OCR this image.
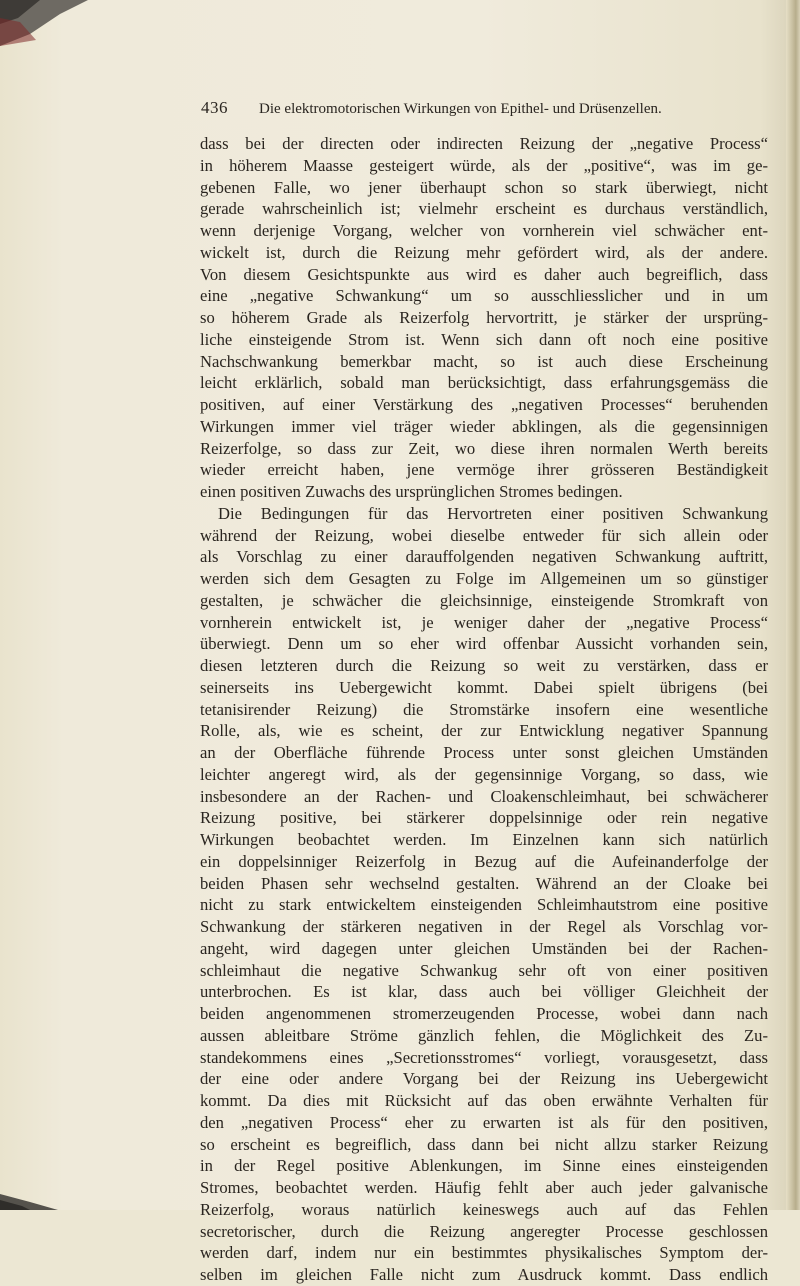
436	Die elektromotorischen Wirkungen von Epithel- und Drüsenzellen.
dass bei der directen oder indirecten Reizung der „negative Process“
in höherem Maasse gesteigert würde, als der „positive“, was im ge-
gebenen Falle, wo jener überhaupt schon so stark überwiegt, nicht
gerade wahrscheinlich ist; vielmehr erscheint es durchaus verständlich,
wenn derjenige Vorgang, welcher von vornherein viel schwächer ent-
wickelt ist, durch die Reizung mehr gefördert wird, als der andere.
Von diesem Gesichtspunkte aus wird es daher auch begreiflich, dass
eine „negative Schwankung“ um so ausschliesslicher und in um
so höherem Grade als Reizerfolg hervortritt, je stärker der ursprüng-
liche einsteigende Strom ist. Wenn sich dann oft noch eine positive
Nachschwankung bemerkbar macht, so ist auch diese Erscheinung
leicht erklärlich, sobald man berücksichtigt, dass erfahrungsgemäss die
positiven, auf einer Verstärkung des „negativen Processes“ beruhenden
Wirkungen immer viel träger wieder abklingen, als die gegensinnigen
Reizerfolge, so dass zur Zeit, wo diese ihren normalen Werth bereits
wieder erreicht haben, jene vermöge ihrer grösseren Beständigkeit
einen positiven Zuwachs des ursprünglichen Stromes bedingen.
Die Bedingungen für das Hervortreten einer positiven Schwankung
während der Reizung, wobei dieselbe entweder für sich allein oder
als Vorschlag zu einer darauffolgenden negativen Schwankung auftritt,
werden sich dem Gesagten zu Folge im Allgemeinen um so günstiger
gestalten, je schwächer die gleichsinnige, einsteigende Stromkraft von
vornherein entwickelt ist, je weniger daher der „negative Process“
überwiegt. Denn um so eher wird offenbar Aussicht vorhanden sein,
diesen letzteren durch die Reizung so weit zu verstärken, dass er
seinerseits ins Uebergewicht kommt. Dabei spielt übrigens (bei
tetanisirender Reizung) die Stromstärke insofern eine wesentliche
Rolle, als, wie es scheint, der zur Entwicklung negativer Spannung
an der Oberfläche führende Process unter sonst gleichen Umständen
leichter angeregt wird, als der gegensinnige Vorgang, so dass, wie
insbesondere an der Rachen- und Cloakenschleimhaut, bei schwächerer
Reizung positive, bei stärkerer doppelsinnige oder rein negative
Wirkungen beobachtet werden. Im Einzelnen kann sich natürlich
ein doppelsinniger Reizerfolg in Bezug auf die Aufeinanderfolge der
beiden Phasen sehr wechselnd gestalten. Während an der Cloake bei
nicht zu stark entwickeltem einsteigenden Schleimhautstrom eine positive
Schwankung der stärkeren negativen in der Regel als Vorschlag vor-
angeht, wird dagegen unter gleichen Umständen bei der Rachen-
schleimhaut die negative Schwankug sehr oft von einer positiven
unterbrochen. Es ist klar, dass auch bei völliger Gleichheit der
beiden angenommenen stromerzeugenden Processe, wobei dann nach
aussen ableitbare Ströme gänzlich fehlen, die Möglichkeit des Zu-
standekommens eines „Secretionsstromes“ vorliegt, vorausgesetzt, dass
der eine oder andere Vorgang bei der Reizung ins Uebergewicht
kommt. Da dies mit Rücksicht auf das oben erwähnte Verhalten für
den „negativen Process“ eher zu erwarten ist als für den positiven,
so erscheint es begreiflich, dass dann bei nicht allzu starker Reizung
in der Regel positive Ablenkungen, im Sinne eines einsteigenden
Stromes, beobachtet werden. Häufig fehlt aber auch jeder galvanische
Reizerfolg, woraus natürlich keineswegs auch auf das Fehlen
secretorischer, durch die Reizung angeregter Processe geschlossen
werden darf, indem nur ein bestimmtes physikalisches Symptom der-
selben im gleichen Falle nicht zum Ausdruck kommt. Dass endlich
